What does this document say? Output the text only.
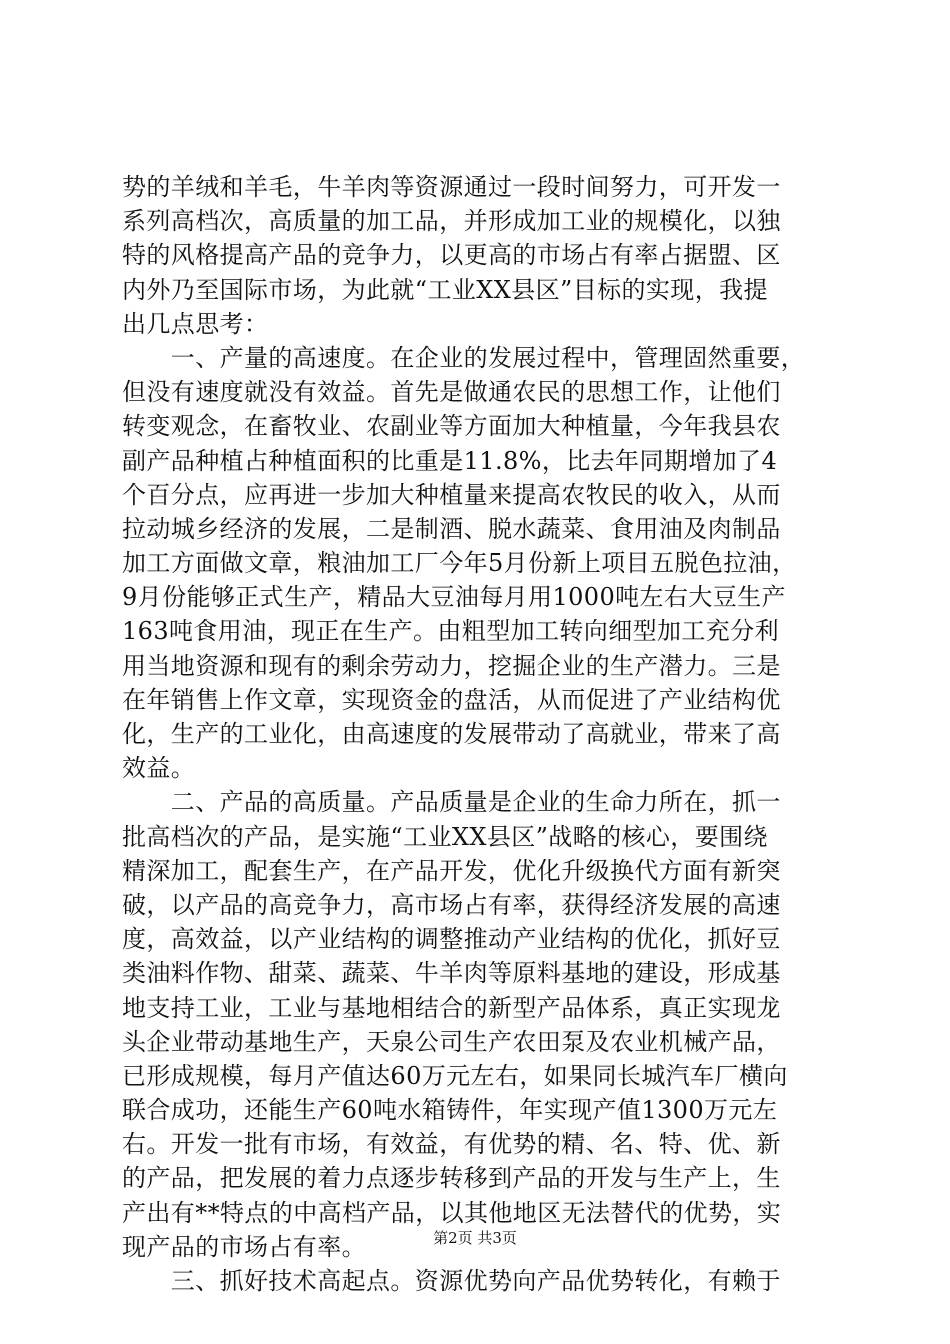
势的羊绒和羊毛，牛羊肉等资源通过一段时间努力，可开发一
系列高档次，高质量的加工品，并形成加工业的规模化，以独
特的风格提高产品的竞争力，以更高的市场占有率占据盟、区
内外乃至国际市场，为此就“工业XX县区”目标的实现，我提
出几点思考：
　　一、产量的高速度。在企业的发展过程中，管理固然重要，
但没有速度就没有效益。首先是做通农民的思想工作，让他们
转变观念，在畜牧业、农副业等方面加大种植量，今年我县农
副产品种植占种植面积的比重是11.8%，比去年同期增加了4
个百分点，应再进一步加大种植量来提高农牧民的收入，从而
拉动城乡经济的发展，二是制酒、脱水蔬菜、食用油及肉制品
加工方面做文章，粮油加工厂今年5月份新上项目五脱色拉油，
9月份能够正式生产，精品大豆油每月用1000吨左右大豆生产
163吨食用油，现正在生产。由粗型加工转向细型加工充分利
用当地资源和现有的剩余劳动力，挖掘企业的生产潜力。三是
在年销售上作文章，实现资金的盘活，从而促进了产业结构优
化，生产的工业化，由高速度的发展带动了高就业，带来了高
效益。
　　二、产品的高质量。产品质量是企业的生命力所在，抓一
批高档次的产品，是实施“工业XX县区”战略的核心，要围绕
精深加工，配套生产，在产品开发，优化升级换代方面有新突
破，以产品的高竞争力，高市场占有率，获得经济发展的高速
度，高效益，以产业结构的调整推动产业结构的优化，抓好豆
类油料作物、甜菜、蔬菜、牛羊肉等原料基地的建设，形成基
地支持工业，工业与基地相结合的新型产品体系，真正实现龙
头企业带动基地生产，天泉公司生产农田泵及农业机械产品，
已形成规模，每月产值达60万元左右，如果同长城汽车厂横向
联合成功，还能生产60吨水箱铸件，年实现产值1300万元左
右。开发一批有市场，有效益，有优势的精、名、特、优、新
的产品，把发展的着力点逐步转移到产品的开发与生产上，生
产出有**特点的中高档产品，以其他地区无法替代的优势，实
现产品的市场占有率。
　　三、抓好技术高起点。资源优势向产品优势转化，有赖于
第2页 共3页
